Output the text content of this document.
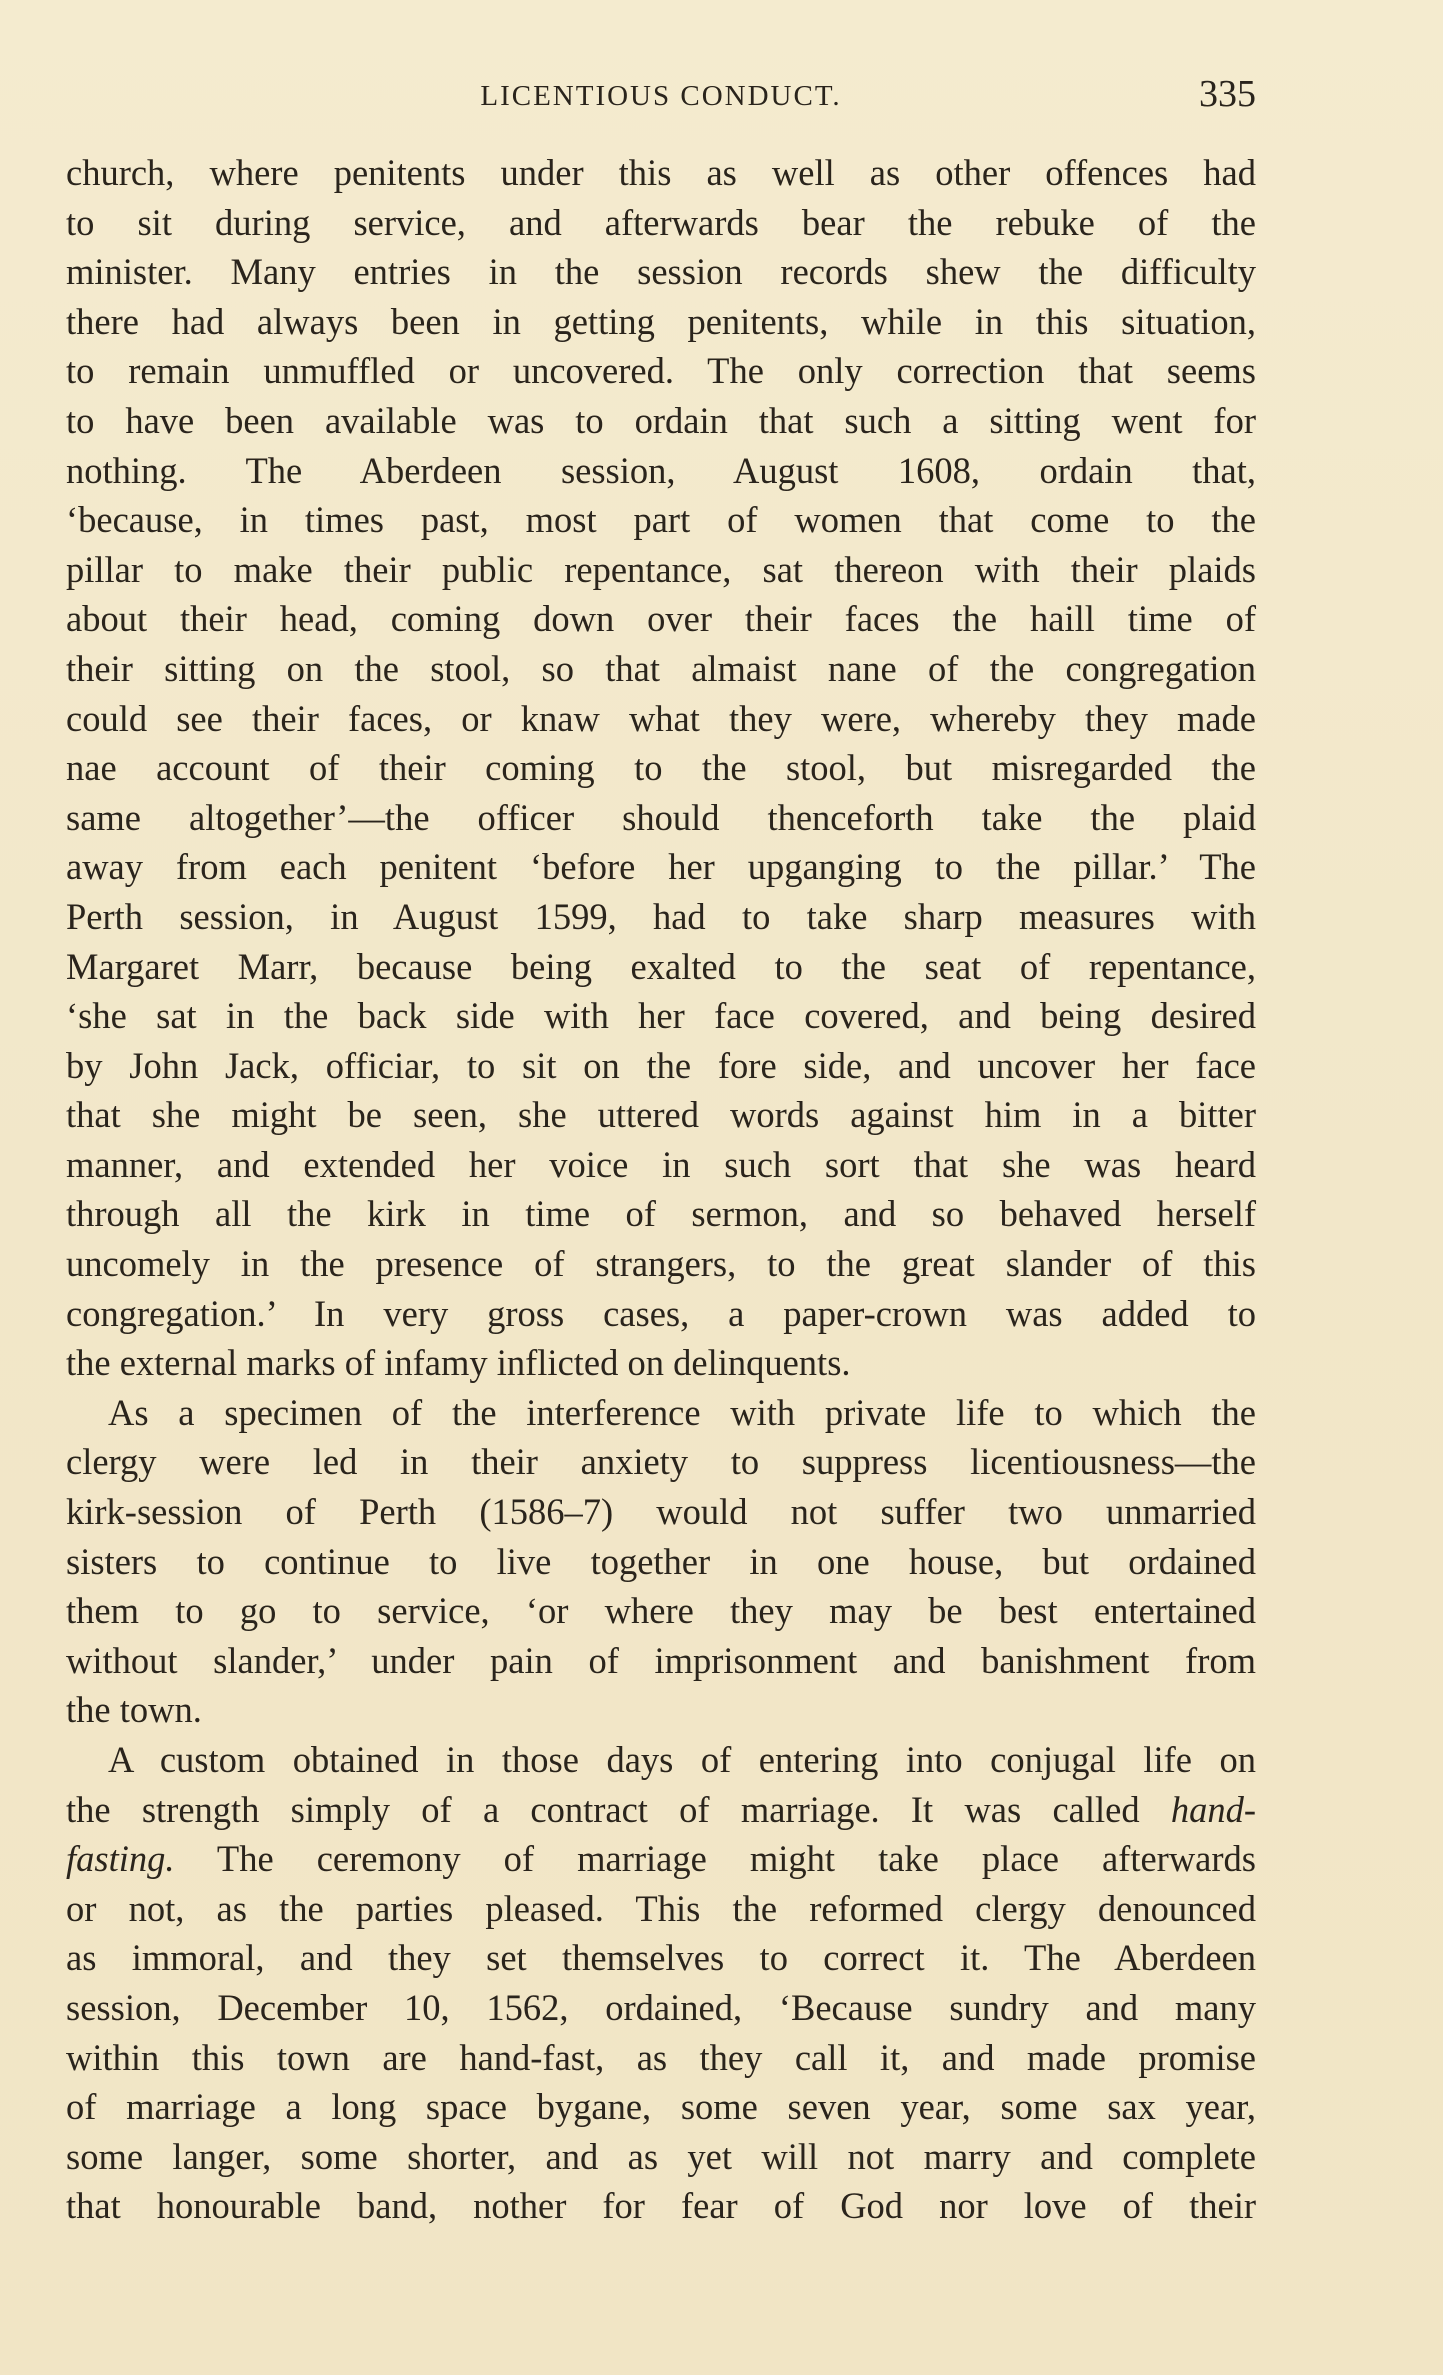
LICENTIOUS CONDUCT.	335
church, where penitents under this as well as other offences had
to sit during service, and afterwards bear the rebuke of the
minister. Many entries in the session records shew the difficulty
there had always been in getting penitents, while in this situation,
to remain unmuffled or uncovered. The only correction that seems
to have been available was to ordain that such a sitting went for
nothing. The Aberdeen session, August 1608, ordain that,
‘because, in times past, most part of women that come to the
pillar to make their public repentance, sat thereon with their plaids
about their head, coming down over their faces the haill time of
their sitting on the stool, so that almaist nane of the congregation
could see their faces, or knaw what they were, whereby they made
nae account of their coming to the stool, but misregarded the
same altogether’—the officer should thenceforth take the plaid
away from each penitent ‘before her upganging to the pillar.’ The
Perth session, in August 1599, had to take sharp measures with
Margaret Marr, because being exalted to the seat of repentance,
‘she sat in the back side with her face covered, and being desired
by John Jack, officiar, to sit on the fore side, and uncover her face
that she might be seen, she uttered words against him in a bitter
manner, and extended her voice in such sort that she was heard
through all the kirk in time of sermon, and so behaved herself
uncomely in the presence of strangers, to the great slander of this
congregation.’ In very gross cases, a paper-crown was added to
the external marks of infamy inflicted on delinquents.
As a specimen of the interference with private life to which the
clergy were led in their anxiety to suppress licentiousness—the
kirk-session of Perth (1586–7) would not suffer two unmarried
sisters to continue to live together in one house, but ordained
them to go to service, ‘or where they may be best entertained
without slander,’ under pain of imprisonment and banishment from
the town.
A custom obtained in those days of entering into conjugal life on
the strength simply of a contract of marriage. It was called hand-
fasting. The ceremony of marriage might take place afterwards
or not, as the parties pleased. This the reformed clergy denounced
as immoral, and they set themselves to correct it. The Aberdeen
session, December 10, 1562, ordained, ‘Because sundry and many
within this town are hand-fast, as they call it, and made promise
of marriage a long space bygane, some seven year, some sax year,
some langer, some shorter, and as yet will not marry and complete
that honourable band, nother for fear of God nor love of their
